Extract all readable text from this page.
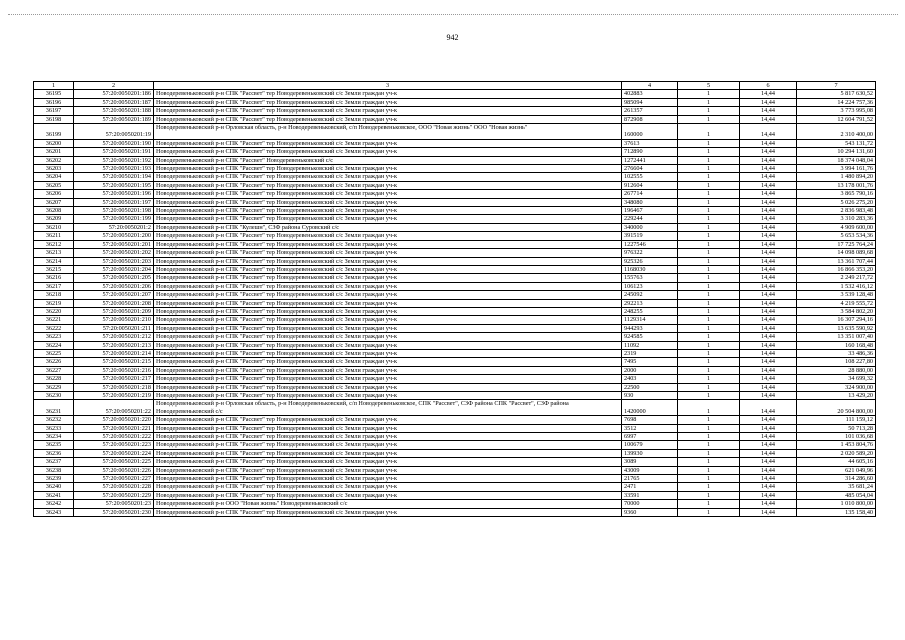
942
1	2	3	4	5	6	7
36195	57:20:0050201:186	Новодеревеньковский р-н СПК "Рассвет" тер Новодеревеньковский с/с Земли граждан уч-к	402883	1	14,44	5 817 630,52
36196	57:20:0050201:187	Новодеревеньковский р-н СПК "Рассвет" тер Новодеревеньковский с/с Земли граждан уч-к	985094	1	14,44	14 224 757,36
36197	57:20:0050201:188	Новодеревеньковский р-н СПК "Рассвет" тер Новодеревеньковский с/с Земли граждан уч-к	261357	1	14,44	3 773 995,08
36198	57:20:0050201:189	Новодеревеньковский р-н СПК "Рассвет" тер Новодеревеньковский с/с Земли граждан уч-к	872908	1	14,44	12 604 791,52
36199	57:20:0050201:19	Новодеревеньковский р-н Орловская область, р-н Новодеревеньковский, с/п Новодеревеньковское, ООО "Новая жизнь" ООО "Новая жизнь"	160000	1	14,44	2 310 400,00
36200	57:20:0050201:190	Новодеревеньковский р-н СПК "Рассвет" тер Новодеревеньковский с/с Земли граждан уч-к	37613	1	14,44	543 131,72
36201	57:20:0050201:191	Новодеревеньковский р-н СПК "Рассвет" тер Новодеревеньковский с/с Земли граждан уч-к	712890	1	14,44	10 294 131,60
36202	57:20:0050201:192	Новодеревеньковский р-н СПК "Рассвет" Новодеревеньковский с/с	1272441	1	14,44	18 374 048,04
36203	57:20:0050201:193	Новодеревеньковский р-н СПК "Рассвет" тер Новодеревеньковский с/с Земли граждан уч-к	276604	1	14,44	3 994 161,76
36204	57:20:0050201:194	Новодеревеньковский р-н СПК "Рассвет" тер Новодеревеньковский с/с Земли граждан уч-к	102555	1	14,44	1 480 894,20
36205	57:20:0050201:195	Новодеревеньковский р-н СПК "Рассвет" тер Новодеревеньковский с/с Земли граждан уч-к	912604	1	14,44	13 178 001,76
36206	57:20:0050201:196	Новодеревеньковский р-н СПК "Рассвет" тер Новодеревеньковский с/с Земли граждан уч-к	267714	1	14,44	3 865 790,16
36207	57:20:0050201:197	Новодеревеньковский р-н СПК "Рассвет" тер Новодеревеньковский с/с Земли граждан уч-к	348080	1	14,44	5 026 275,20
36208	57:20:0050201:198	Новодеревеньковский р-н СПК "Рассвет" тер Новодеревеньковский с/с Земли граждан уч-к	196467	1	14,44	2 836 983,48
36209	57:20:0050201:199	Новодеревеньковский р-н СПК "Рассвет" тер Новодеревеньковский с/с Земли граждан уч-к	229244	1	14,44	3 310 283,36
36210	57:20:0050201:2	Новодеревеньковский р-н СПК "Кулешн", СЗФ района Суровский с/с	340000	1	14,44	4 909 600,00
36211	57:20:0050201:200	Новодеревеньковский р-н СПК "Рассвет" тер Новодеревеньковский с/с Земли граждан уч-к	391519	1	14,44	5 653 534,36
36212	57:20:0050201:201	Новодеревеньковский р-н СПК "Рассвет" тер Новодеревеньковский с/с Земли граждан уч-к	1227546	1	14,44	17 725 764,24
36213	57:20:0050201:202	Новодеревеньковский р-н СПК "Рассвет" тер Новодеревеньковский с/с Земли граждан уч-к	976322	1	14,44	14 098 089,68
36214	57:20:0050201:203	Новодеревеньковский р-н СПК "Рассвет" тер Новодеревеньковский с/с Земли граждан уч-к	925326	1	14,44	13 361 707,44
36215	57:20:0050201:204	Новодеревеньковский р-н СПК "Рассвет" тер Новодеревеньковский с/с Земли граждан уч-к	1168030	1	14,44	16 866 353,20
36216	57:20:0050201:205	Новодеревеньковский р-н СПК "Рассвет" тер Новодеревеньковский с/с Земли граждан уч-к	155763	1	14,44	2 249 217,72
36217	57:20:0050201:206	Новодеревеньковский р-н СПК "Рассвет" тер Новодеревеньковский с/с Земли граждан уч-к	106123	1	14,44	1 532 416,12
36218	57:20:0050201:207	Новодеревеньковский р-н СПК "Рассвет" тер Новодеревеньковский с/с Земли граждан уч-к	245092	1	14,44	3 539 128,48
36219	57:20:0050201:208	Новодеревеньковский р-н СПК "Рассвет" тер Новодеревеньковский с/с Земли граждан уч-к	292213	1	14,44	4 219 555,72
36220	57:20:0050201:209	Новодеревеньковский р-н СПК "Рассвет" тер Новодеревеньковский с/с Земли граждан уч-к	248255	1	14,44	3 584 802,20
36221	57:20:0050201:210	Новодеревеньковский р-н СПК "Рассвет" тер Новодеревеньковский с/с Земли граждан уч-к	1129314	1	14,44	16 307 294,16
36222	57:20:0050201:211	Новодеревеньковский р-н СПК "Рассвет" тер Новодеревеньковский с/с Земли граждан уч-к	944293	1	14,44	13 635 590,92
36223	57:20:0050201:212	Новодеревеньковский р-н СПК "Рассвет" тер Новодеревеньковский с/с Земли граждан уч-к	924585	1	14,44	13 351 007,40
36224	57:20:0050201:213	Новодеревеньковский р-н СПК "Рассвет" тер Новодеревеньковский с/с Земли граждан уч-к	11092	1	14,44	160 168,48
36225	57:20:0050201:214	Новодеревеньковский р-н СПК "Рассвет" тер Новодеревеньковский с/с Земли граждан уч-к	2319	1	14,44	33 486,36
36226	57:20:0050201:215	Новодеревеньковский р-н СПК "Рассвет" тер Новодеревеньковский с/с Земли граждан уч-к	7495	1	14,44	108 227,80
36227	57:20:0050201:216	Новодеревеньковский р-н СПК "Рассвет" тер Новодеревеньковский с/с Земли граждан уч-к	2000	1	14,44	28 880,00
36228	57:20:0050201:217	Новодеревеньковский р-н СПК "Рассвет" тер Новодеревеньковский с/с Земли граждан уч-к	2403	1	14,44	34 699,32
36229	57:20:0050201:218	Новодеревеньковский р-н СПК "Рассвет" тер Новодеревеньковский с/с Земли граждан уч-к	22500	1	14,44	324 900,00
36230	57:20:0050201:219	Новодеревеньковский р-н СПК "Рассвет" тер Новодеревеньковский с/с Земли граждан уч-к	930	1	14,44	13 429,20
36231	57:20:0050201:22	Новодеревеньковский р-н Орловская область, р-н Новодеревеньковский, с/п Новодеревеньковское, СПК "Рассвет", СЗФ района СПК "Рассвет", СЗФ района Новодеревеньковский с/с	1420000	1	14,44	20 504 800,00
36232	57:20:0050201:220	Новодеревеньковский р-н СПК "Рассвет" тер Новодеревеньковский с/с Земли граждан уч-к	7698	1	14,44	111 159,12
36233	57:20:0050201:221	Новодеревеньковский р-н СПК "Рассвет" тер Новодеревеньковский с/с Земли граждан уч-к	3512	1	14,44	50 713,28
36234	57:20:0050201:222	Новодеревеньковский р-н СПК "Рассвет" тер Новодеревеньковский с/с Земли граждан уч-к	6997	1	14,44	101 036,68
36235	57:20:0050201:223	Новодеревеньковский р-н СПК "Рассвет" тер Новодеревеньковский с/с Земли граждан уч-к	100679	1	14,44	1 453 804,76
36236	57:20:0050201:224	Новодеревеньковский р-н СПК "Рассвет" тер Новодеревеньковский с/с Земли граждан уч-к	139930	1	14,44	2 020 589,20
36237	57:20:0050201:225	Новодеревеньковский р-н СПК "Рассвет" тер Новодеревеньковский с/с Земли граждан уч-к	3089	1	14,44	44 605,16
36238	57:20:0050201:226	Новодеревеньковский р-н СПК "Рассвет" тер Новодеревеньковский с/с Земли граждан уч-к	43009	1	14,44	621 049,96
36239	57:20:0050201:227	Новодеревеньковский р-н СПК "Рассвет" тер Новодеревеньковский с/с Земли граждан уч-к	21765	1	14,44	314 286,60
36240	57:20:0050201:228	Новодеревеньковский р-н СПК "Рассвет" тер Новодеревеньковский с/с Земли граждан уч-к	2471	1	14,44	35 681,24
36241	57:20:0050201:229	Новодеревеньковский р-н СПК "Рассвет" тер Новодеревеньковский с/с Земли граждан уч-к	33591	1	14,44	485 054,04
36242	57:20:0050201:23	Новодеревеньковский р-н ООО "Новая жизнь" Новодеревеньковский с/с	70000	1	14,44	1 010 800,00
36243	57:20:0050201:230	Новодеревеньковский р-н СПК "Рассвет" тер Новодеревеньковский с/с Земли граждан уч-к	9360	1	14,44	135 158,40
